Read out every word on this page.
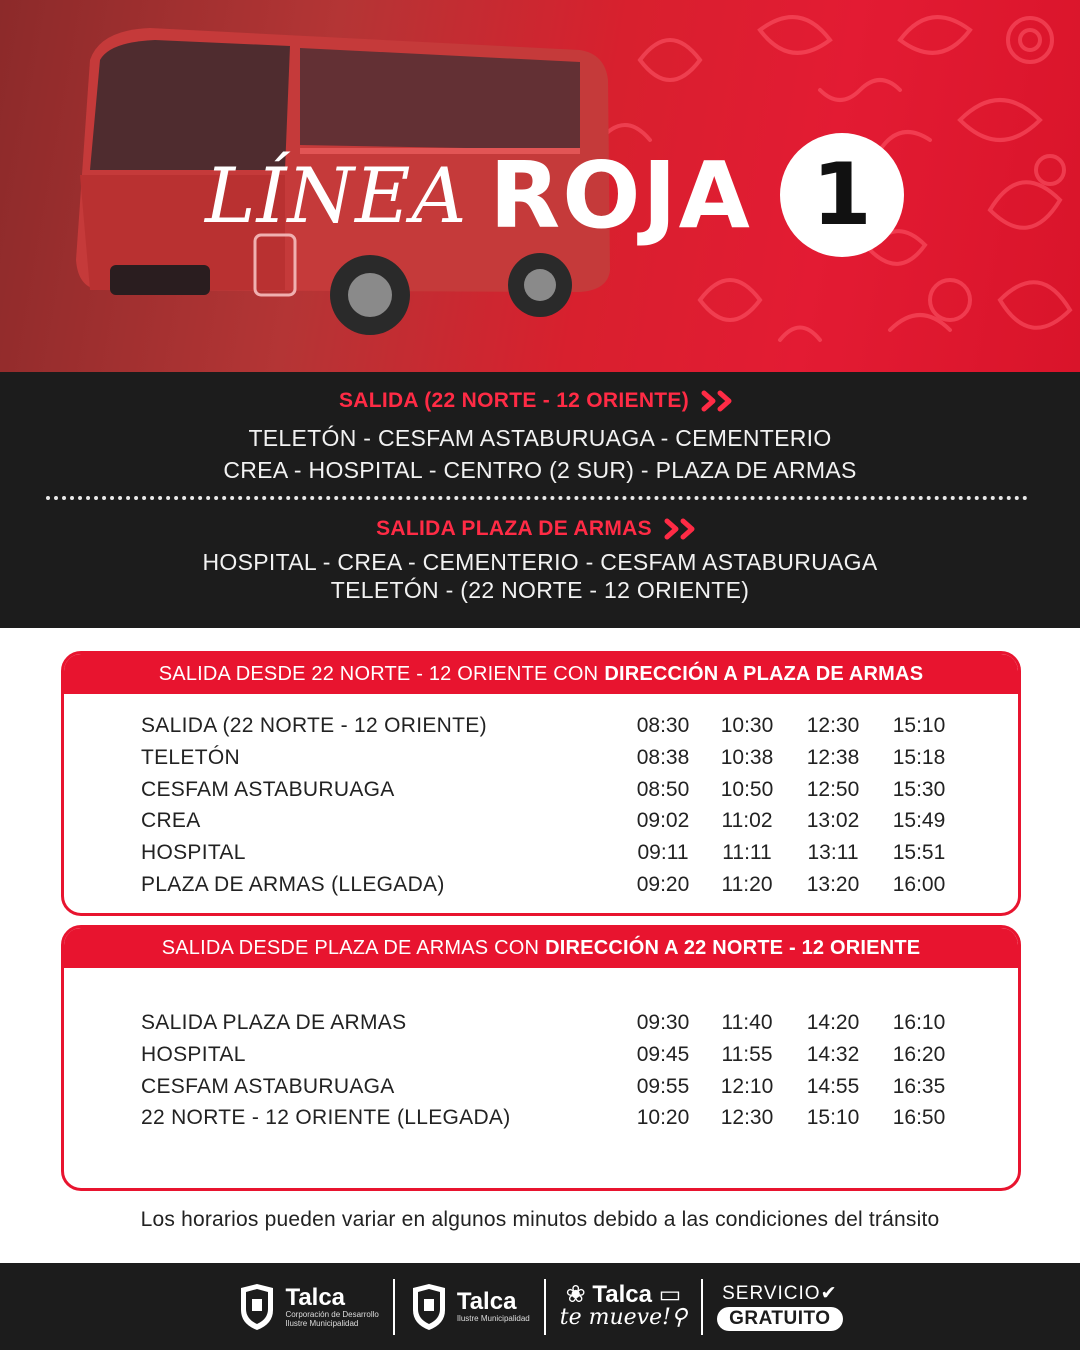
LÍNEA ROJA 1
SALIDA (22 NORTE - 12 ORIENTE)
TELETÓN - CESFAM ASTABURUAGA - CEMENTERIO
CREA - HOSPITAL - CENTRO (2 SUR) - PLAZA DE ARMAS
SALIDA PLAZA DE ARMAS
HOSPITAL - CREA - CEMENTERIO - CESFAM ASTABURUAGA
TELETÓN - (22 NORTE - 12 ORIENTE)
SALIDA DESDE 22 NORTE - 12 ORIENTE CON DIRECCIÓN A PLAZA DE ARMAS
SALIDA (22 NORTE - 12 ORIENTE)	08:30	10:30	12:30	15:10
TELETÓN	08:38	10:38	12:38	15:18
CESFAM ASTABURUAGA	08:50	10:50	12:50	15:30
CREA	09:02	11:02	13:02	15:49
HOSPITAL	09:11	11:11	13:11	15:51
PLAZA DE ARMAS (LLEGADA)	09:20	11:20	13:20	16:00
SALIDA DESDE PLAZA DE ARMAS CON DIRECCIÓN A 22 NORTE - 12 ORIENTE
SALIDA PLAZA DE ARMAS	09:30	11:40	14:20	16:10
HOSPITAL	09:45	11:55	14:32	16:20
CESFAM ASTABURUAGA	09:55	12:10	14:55	16:35
22 NORTE - 12 ORIENTE (LLEGADA)	10:20	12:30	15:10	16:50
Los horarios pueden variar en algunos minutos debido a las condiciones del tránsito
Talca
Corporación de Desarrollo
Ilustre Municipalidad
Talca
Ilustre Municipalidad
❀ Talca ▭
te mueve!⚲
SERVICIO✔
GRATUITO
